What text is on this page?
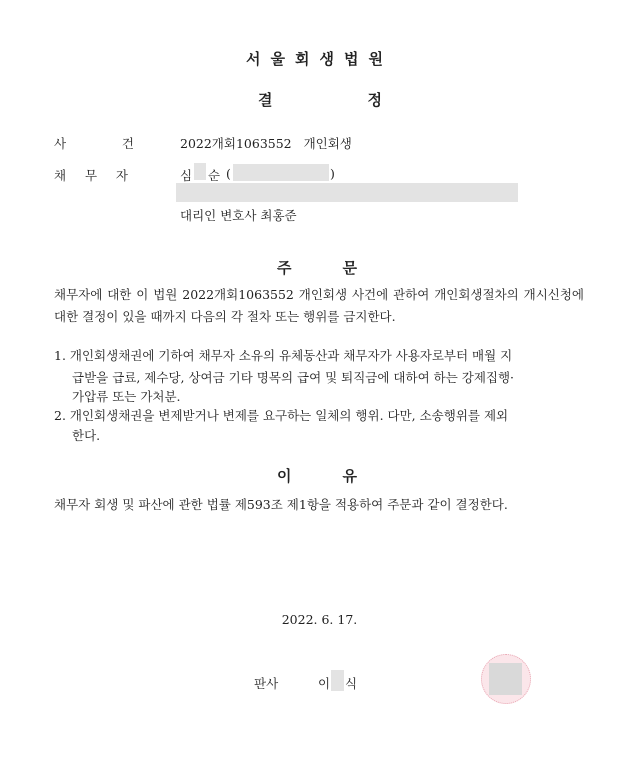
서울회생법원
결	정
사	건	2022개회1063552 개인회생
채 무 자	심 순 (	)
대리인 변호사 최홍준
주	문
채무자에 대한 이 법원 2022개회1063552 개인회생 사건에 관하여 개인회생절차의 개시신청에 대한 결정이 있을 때까지 다음의 각 절차 또는 행위를 금지한다.
1. 개인회생채권에 기하여 채무자 소유의 유체동산과 채무자가 사용자로부터 매월 지
급받을 급료, 제수당, 상여금 기타 명목의 급여 및 퇴직금에 대하여 하는 강제집행·
가압류 또는 가처분.
2. 개인회생채권을 변제받거나 변제를 요구하는 일체의 행위. 다만, 소송행위를 제외
한다.
이	유
채무자 회생 및 파산에 관한 법률 제593조 제1항을 적용하여 주문과 같이 결정한다.
2022. 6. 17.
판사	이 식
